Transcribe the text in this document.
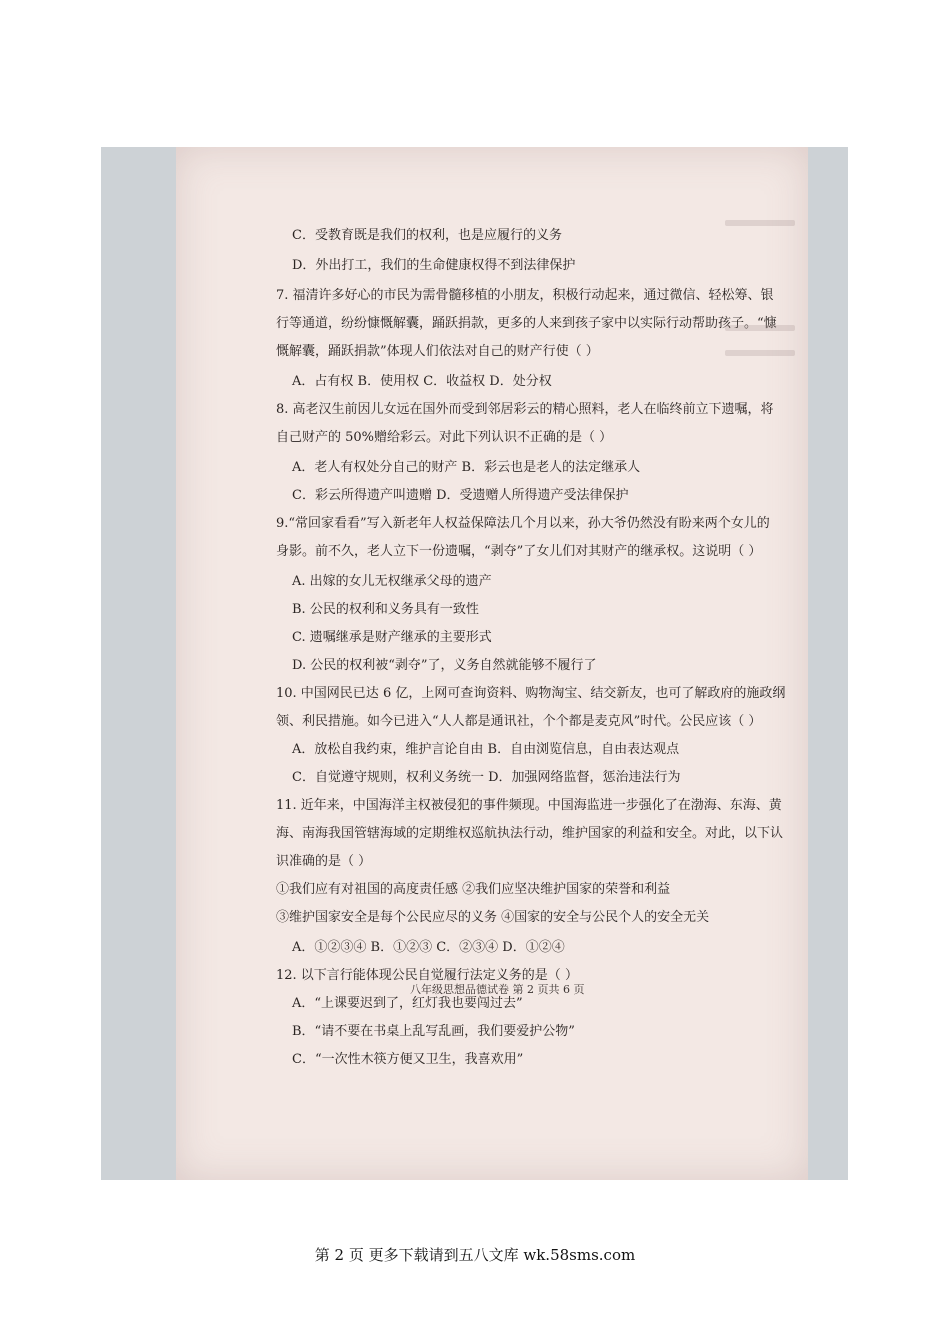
C．受教育既是我们的权利，也是应履行的义务
D．外出打工，我们的生命健康权得不到法律保护
7. 福清许多好心的市民为需骨髓移植的小朋友，积极行动起来，通过微信、轻松筹、银
行等通道，纷纷慷慨解囊，踊跃捐款，更多的人来到孩子家中以实际行动帮助孩子。“慷
慨解囊，踊跃捐款”体现人们依法对自己的财产行使（ ）
A．占有权 B．使用权 C．收益权 D．处分权
8. 高老汉生前因儿女远在国外而受到邻居彩云的精心照料，老人在临终前立下遗嘱，将
自己财产的 50%赠给彩云。对此下列认识不正确的是（ ）
A．老人有权处分自己的财产 B．彩云也是老人的法定继承人
C．彩云所得遗产叫遗赠 D．受遗赠人所得遗产受法律保护
9.“常回家看看”写入新老年人权益保障法几个月以来，孙大爷仍然没有盼来两个女儿的
身影。前不久，老人立下一份遗嘱，“剥夺”了女儿们对其财产的继承权。这说明（ ）
A. 出嫁的女儿无权继承父母的遗产
B. 公民的权利和义务具有一致性
C. 遗嘱继承是财产继承的主要形式
D. 公民的权利被“剥夺”了，义务自然就能够不履行了
10. 中国网民已达 6 亿，上网可查询资料、购物淘宝、结交新友，也可了解政府的施政纲
领、利民措施。如今已进入“人人都是通讯社，个个都是麦克风”时代。公民应该（ ）
A．放松自我约束，维护言论自由 B．自由浏览信息，自由表达观点
C．自觉遵守规则，权利义务统一 D．加强网络监督，惩治违法行为
11. 近年来，中国海洋主权被侵犯的事件频现。中国海监进一步强化了在渤海、东海、黄
海、南海我国管辖海域的定期维权巡航执法行动，维护国家的利益和安全。对此，以下认
识准确的是（ ）
①我们应有对祖国的高度责任感 ②我们应坚决维护国家的荣誉和利益
③维护国家安全是每个公民应尽的义务 ④国家的安全与公民个人的安全无关
A．①②③④ B．①②③ C．②③④ D．①②④
12. 以下言行能体现公民自觉履行法定义务的是（ ）
A．“上课要迟到了，红灯我也要闯过去”
B．“请不要在书桌上乱写乱画，我们要爱护公物”
C．“一次性木筷方便又卫生，我喜欢用”
八年级思想品德试卷 第 2 页共 6 页
第 2 页 更多下载请到五八文库 wk.58sms.com
